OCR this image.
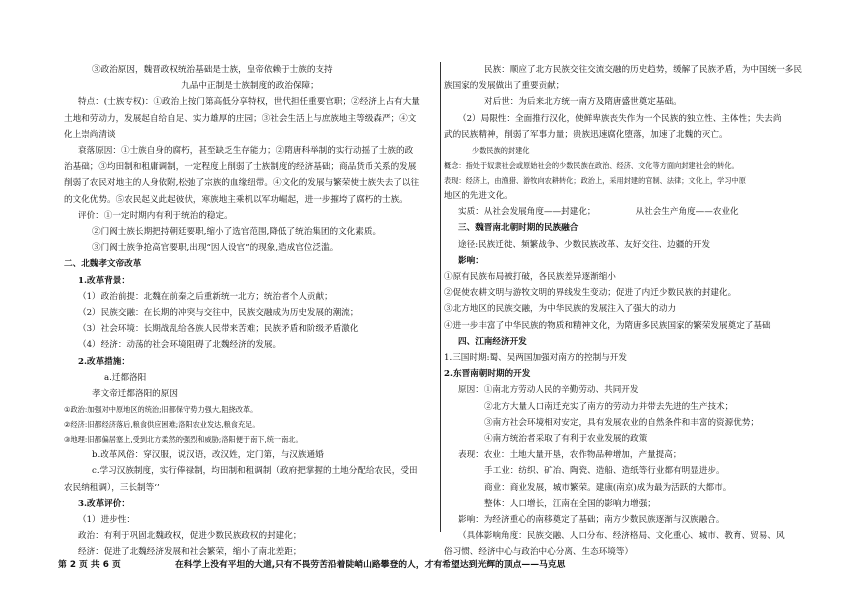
③政治原因，魏晋政权统治基础是士族，皇帝依赖于士族的支持
九品中正制是士族制度的政治保障；
特点：(士族专权)：①政治上按门第高低分享特权，世代担任重要官职；②经济上占有大量
土地和劳动力，发展起自给自足、实力雄厚的庄园；③社会生活上与庶族地主等级森严；④文
化上崇尚清谈
衰落原因：①士族自身的腐朽，甚至缺乏生存能力；②隋唐科举制的实行动摇了士族的政
治基础；③均田制和租庸调制，一定程度上削弱了士族制度的经济基础；商品货币关系的发展
削弱了农民对地主的人身依附,松弛了宗族的血缘纽带。④文化的发展与繁荣使士族失去了以往
的文化优势。⑤农民起义此起彼伏，寒族地主乘机以军功崛起，进一步摧垮了腐朽的士族。
评价：①一定时期内有利于统治的稳定。
②门阀士族长期把持朝廷要职,缩小了选官范围,降低了统治集团的文化素质。
③门阀士族争抢高官要职,出现“因人设官”的现象,造成官位泛滥。
二、北魏孝文帝改革
1.改革背景：
（1）政治前提：北魏在前秦之后重新统一北方；统治者个人贡献；
（2）民族交融：在长期的冲突与交往中，民族交融成为历史发展的潮流；
（3）社会环境：长期战乱给各族人民带来苦难；民族矛盾和阶级矛盾激化
（4）经济：动荡的社会环境阻碍了北魏经济的发展。
2.改革措施：
a.迁都洛阳
孝文帝迁都洛阳的原因
①政治:加强对中原地区的统治;旧都保守势力强大,阻挠改革。
②经济:旧都经济落后,粮食供应困难;洛阳农业发达,粮食充足。
③地理:旧都偏居塞上,受到北方柔然的强烈和威胁;洛阳便于南下,统一南北。
b.改革风俗：穿汉服，说汉语，改汉姓，定门第，与汉族通婚
c.学习汉族制度，实行俸禄制，均田制和租调制（政府把掌握的土地分配给农民，受田
农民纳租调），三长制等‘’
3.改革评价：
（1）进步性：
政治：有利于巩固北魏政权，促进少数民族政权的封建化；
经济：促进了北魏经济发展和社会繁荣，缩小了南北差距；
民族：顺应了北方民族交往交流交融的历史趋势，缓解了民族矛盾，为中国统一多民
族国家的发展做出了重要贡献；
对后世：为后来北方统一南方及隋唐盛世奠定基础。
（2）局限性：全面推行汉化，使鲜卑族丧失作为一个民族的独立性、主体性；失去尚
武的民族精神，削弱了军事力量；贵族迅速腐化堕落，加速了北魏的灭亡。
少数民族的封建化
概念：指处于奴隶社会或原始社会的少数民族在政治、经济、文化等方面向封建社会的转化。
表现：经济上，由渔猎、游牧向农耕转化；政治上，采用封建的官制、法律；文化上，学习中原
地区的先进文化。
实质：从社会发展角度——封建化；	从社会生产角度——农业化
三、魏晋南北朝时期的民族融合
途径:民族迁徙、频繁战争、少数民族改革、友好交往、边疆的开发
影响：
①原有民族布局被打破，各民族差异逐渐缩小
②促使农耕文明与游牧文明的界线发生变动；促进了内迁少数民族的封建化。
③北方地区的民族交融，为中华民族的发展注入了强大的动力
④进一步丰富了中华民族的物质和精神文化，为隋唐多民族国家的繁荣发展奠定了基础
四、江南经济开发
1.三国时期:蜀、吴两国加强对南方的控制与开发
2.东晋南朝时期的开发
原因：①南北方劳动人民的辛勤劳动、共同开发
②北方大量人口南迁充实了南方的劳动力并带去先进的生产技术；
③南方社会环境相对安定，具有发展农业的自然条件和丰富的资源优势；
④南方统治者采取了有利于农业发展的政策
表现：农业：土地大量开垦，农作物品种增加，产量提高；
手工业：纺织、矿冶、陶瓷、造船、造纸等行业都有明显进步。
商业：商业发展，城市繁荣。建康(南京)成为最为活跃的大都市。
整体：人口增长，江南在全国的影响力增强；
影响：为经济重心的南移奠定了基础；南方少数民族逐渐与汉族融合。
（具体影响角度：民族交融、人口分布、经济格局、文化重心、城市、教育、贸易、风
俗习惯、经济中心与政治中心分离、生态环境等）
第 2 页 共 6 页	在科学上没有平坦的大道,只有不畏劳苦沿着陡峭山路攀登的人，才有希望达到光辉的顶点——马克思
